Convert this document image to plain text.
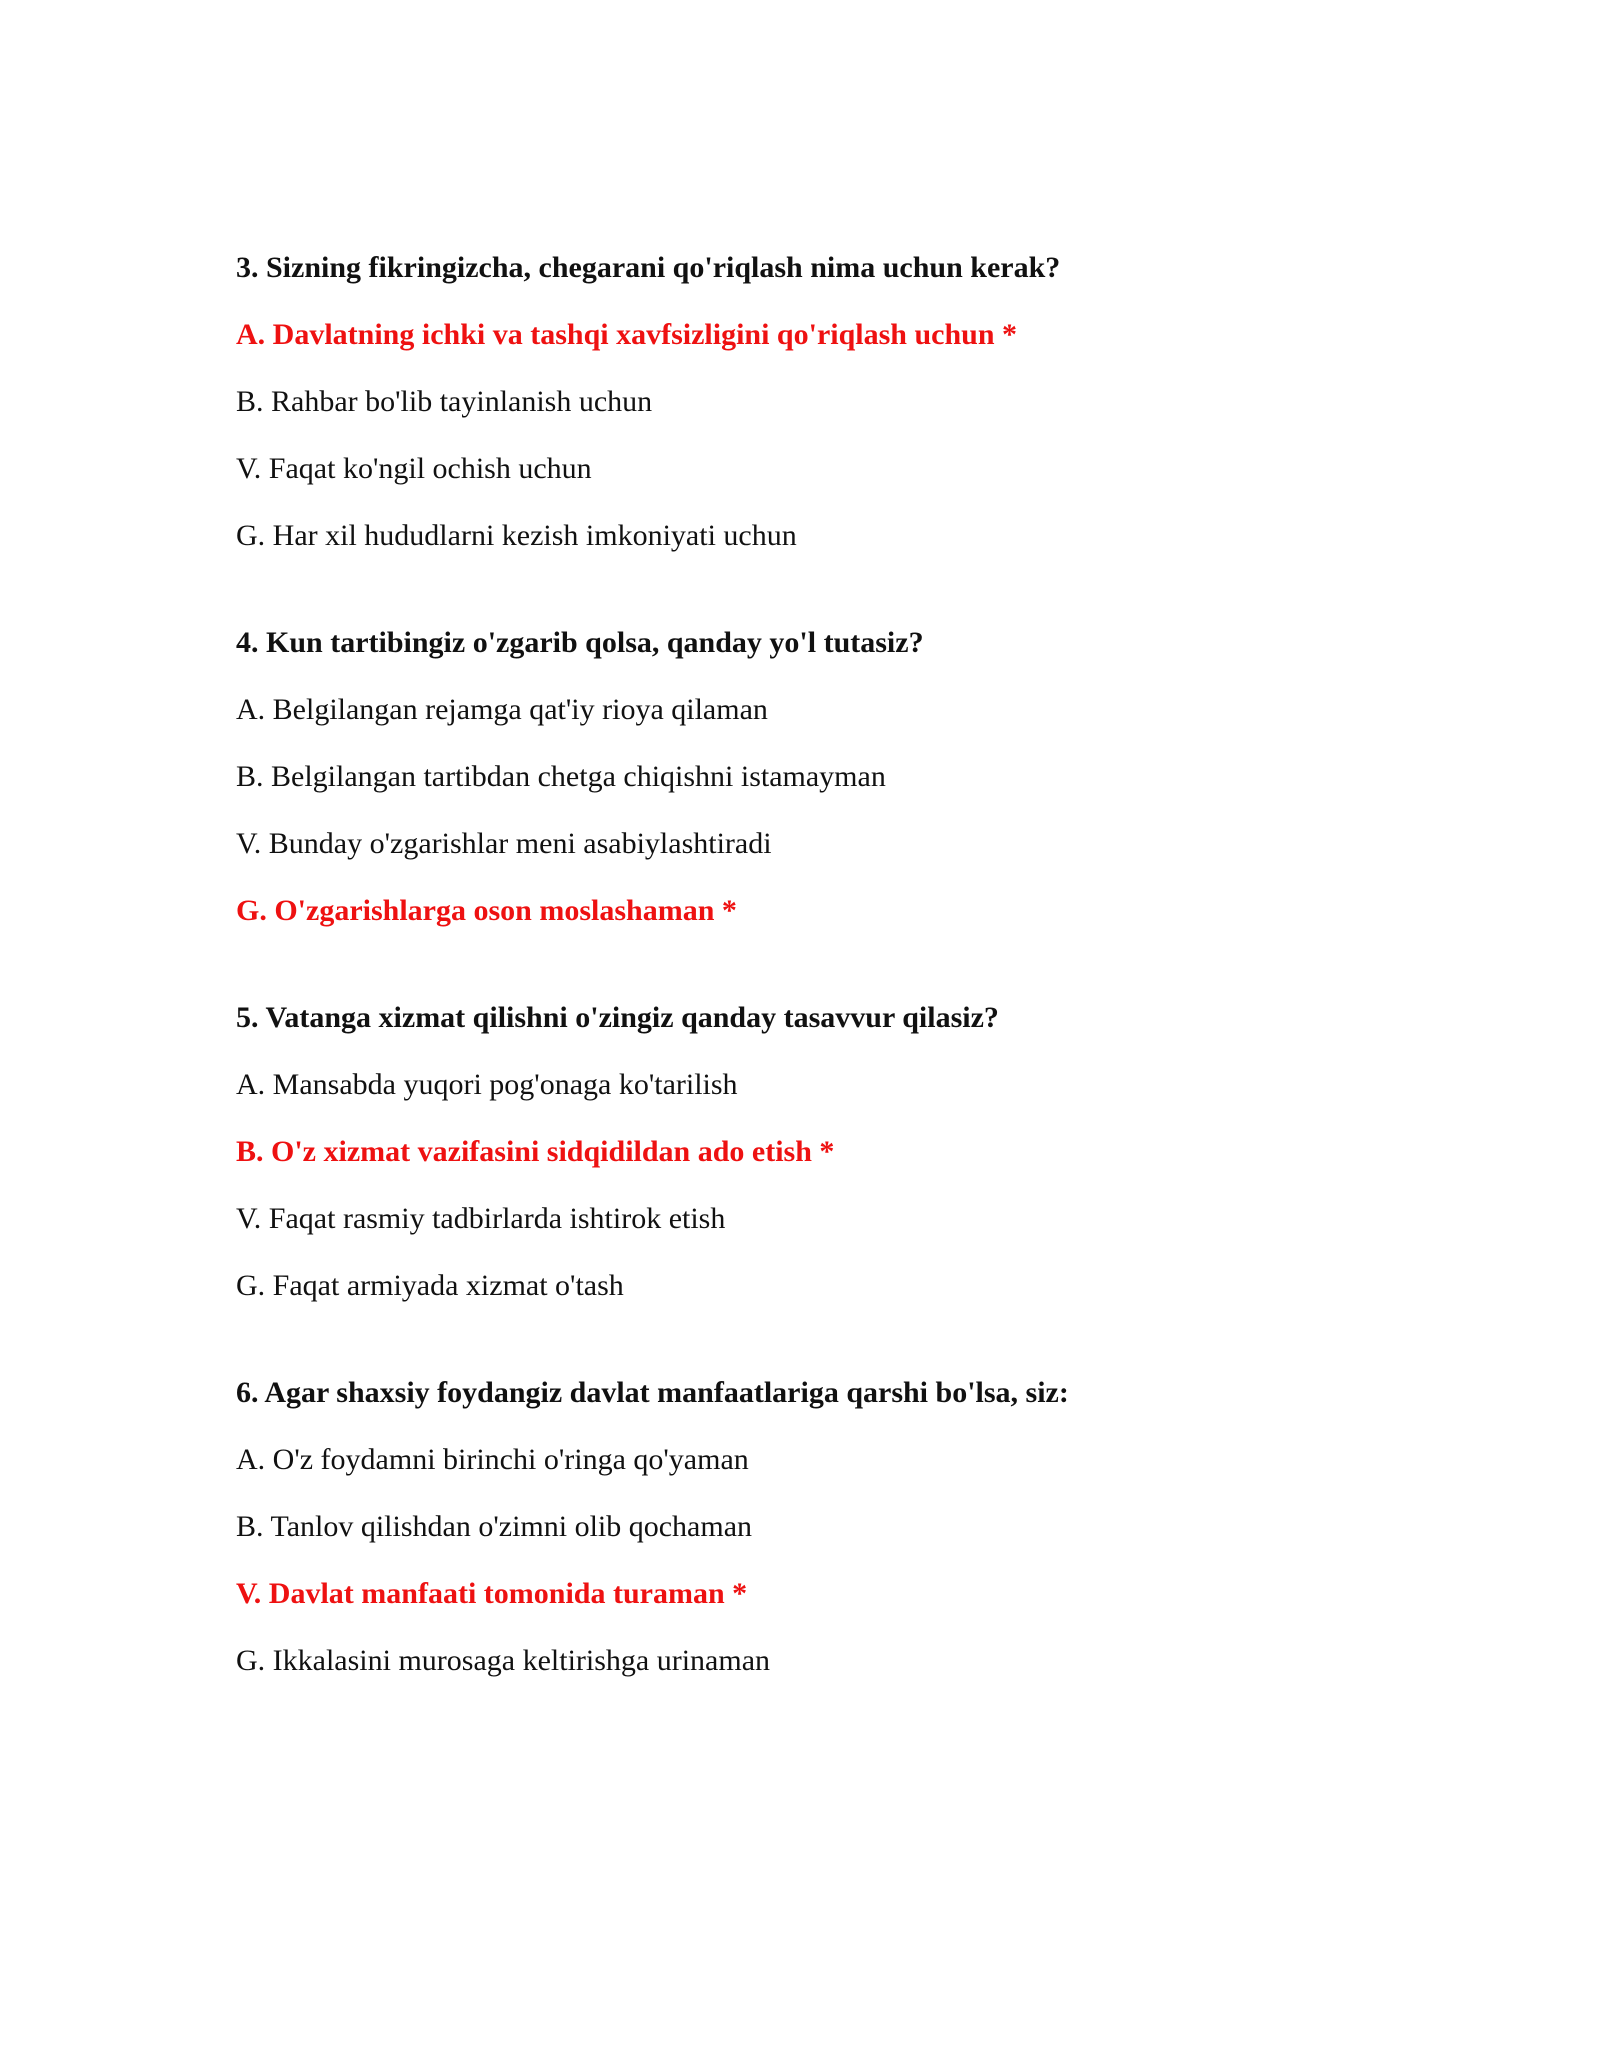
3. Sizning fikringizcha, chegarani qo'riqlash nima uchun kerak?
A. Davlatning ichki va tashqi xavfsizligini qo'riqlash uchun *
B. Rahbar bo'lib tayinlanish uchun
V. Faqat ko'ngil ochish uchun
G. Har xil hududlarni kezish imkoniyati uchun
4. Kun tartibingiz o'zgarib qolsa, qanday yo'l tutasiz?
A. Belgilangan rejamga qat'iy rioya qilaman
B. Belgilangan tartibdan chetga chiqishni istamayman
V. Bunday o'zgarishlar meni asabiylashtiradi
G. O'zgarishlarga oson moslashaman *
5. Vatanga xizmat qilishni o'zingiz qanday tasavvur qilasiz?
A. Mansabda yuqori pog'onaga ko'tarilish
B. O'z xizmat vazifasini sidqidildan ado etish *
V. Faqat rasmiy tadbirlarda ishtirok etish
G. Faqat armiyada xizmat o'tash
6. Agar shaxsiy foydangiz davlat manfaatlariga qarshi bo'lsa, siz:
A. O'z foydamni birinchi o'ringa qo'yaman
B. Tanlov qilishdan o'zimni olib qochaman
V. Davlat manfaati tomonida turaman *
G. Ikkalasini murosaga keltirishga urinaman
